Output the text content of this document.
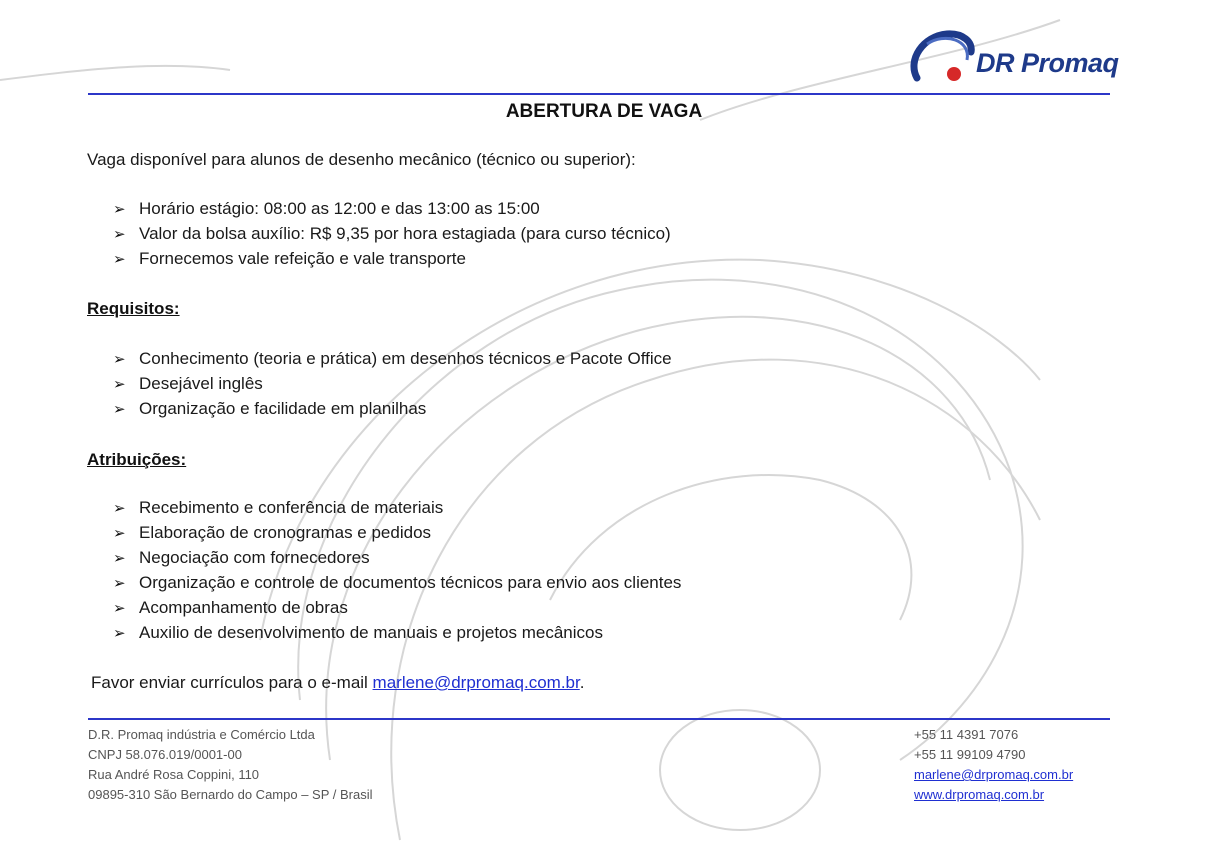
DR Promaq
ABERTURA DE VAGA
Vaga disponível para alunos de desenho mecânico (técnico ou superior):
➢ Horário estágio: 08:00 as 12:00 e das 13:00 as 15:00
➢ Valor da bolsa auxílio: R$ 9,35 por hora estagiada (para curso técnico)
➢ Fornecemos vale refeição e vale transporte
Requisitos:
➢ Conhecimento (teoria e prática) em desenhos técnicos e Pacote Office
➢ Desejável inglês
➢ Organização e facilidade em planilhas
Atribuições:
➢ Recebimento e conferência de materiais
➢ Elaboração de cronogramas e pedidos
➢ Negociação com fornecedores
➢ Organização e controle de documentos técnicos para envio aos clientes
➢ Acompanhamento de obras
➢ Auxilio de desenvolvimento de manuais e projetos mecânicos
Favor enviar currículos para o e-mail marlene@drpromaq.com.br.
D.R. Promaq indústria e Comércio Ltda
CNPJ 58.076.019/0001-00
Rua André Rosa Coppini, 110
09895-310 São Bernardo do Campo – SP / Brasil
+55 11 4391 7076
+55 11 99109 4790
marlene@drpromaq.com.br
www.drpromaq.com.br
